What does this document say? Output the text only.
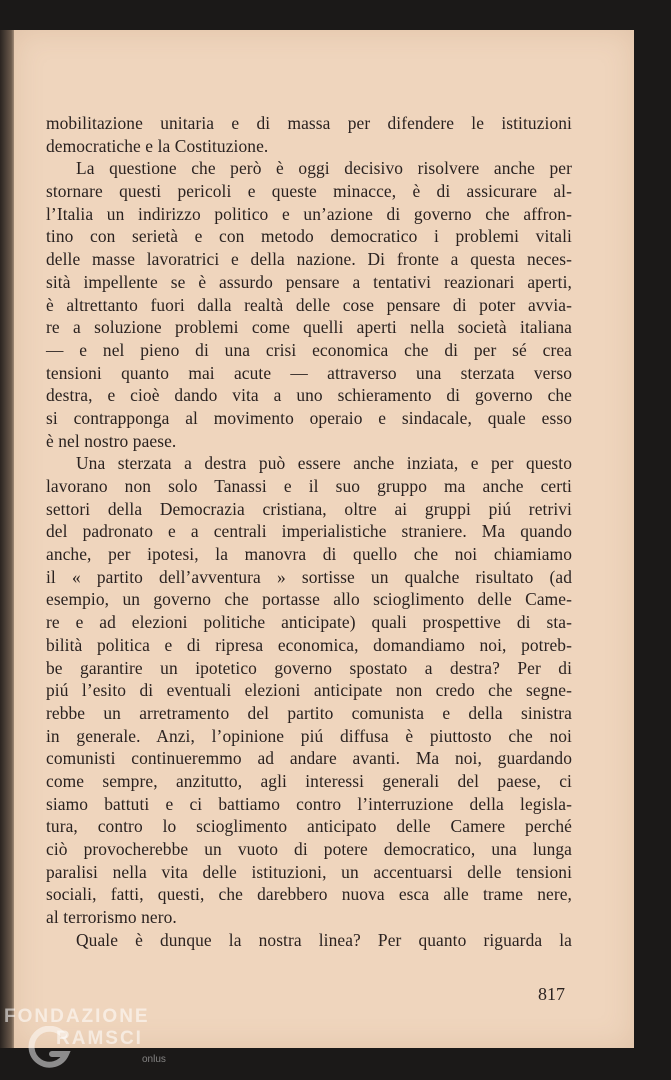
mobilitazione unitaria e di massa per difendere le istituzioni
democratiche e la Costituzione.
La questione che però è oggi decisivo risolvere anche per
stornare questi pericoli e queste minacce, è di assicurare al-
l’Italia un indirizzo politico e un’azione di governo che affron-
tino con serietà e con metodo democratico i problemi vitali
delle masse lavoratrici e della nazione. Di fronte a questa neces-
sità impellente se è assurdo pensare a tentativi reazionari aperti,
è altrettanto fuori dalla realtà delle cose pensare di poter avvia-
re a soluzione problemi come quelli aperti nella società italiana
— e nel pieno di una crisi economica che di per sé crea
tensioni quanto mai acute — attraverso una sterzata verso
destra, e cioè dando vita a uno schieramento di governo che
si contrapponga al movimento operaio e sindacale, quale esso
è nel nostro paese.
Una sterzata a destra può essere anche inziata, e per questo
lavorano non solo Tanassi e il suo gruppo ma anche certi
settori della Democrazia cristiana, oltre ai gruppi piú retrivi
del padronato e a centrali imperialistiche straniere. Ma quando
anche, per ipotesi, la manovra di quello che noi chiamiamo
il « partito dell’avventura » sortisse un qualche risultato (ad
esempio, un governo che portasse allo scioglimento delle Came-
re e ad elezioni politiche anticipate) quali prospettive di sta-
bilità politica e di ripresa economica, domandiamo noi, potreb-
be garantire un ipotetico governo spostato a destra? Per di
piú l’esito di eventuali elezioni anticipate non credo che segne-
rebbe un arretramento del partito comunista e della sinistra
in generale. Anzi, l’opinione piú diffusa è piuttosto che noi
comunisti continueremmo ad andare avanti. Ma noi, guardando
come sempre, anzitutto, agli interessi generali del paese, ci
siamo battuti e ci battiamo contro l’interruzione della legisla-
tura, contro lo scioglimento anticipato delle Camere perché
ciò provocherebbe un vuoto di potere democratico, una lunga
paralisi nella vita delle istituzioni, un accentuarsi delle tensioni
sociali, fatti, questi, che darebbero nuova esca alle trame nere,
al terrorismo nero.
Quale è dunque la nostra linea? Per quanto riguarda la
817
FONDAZIONE
RAMSCI
onlus
